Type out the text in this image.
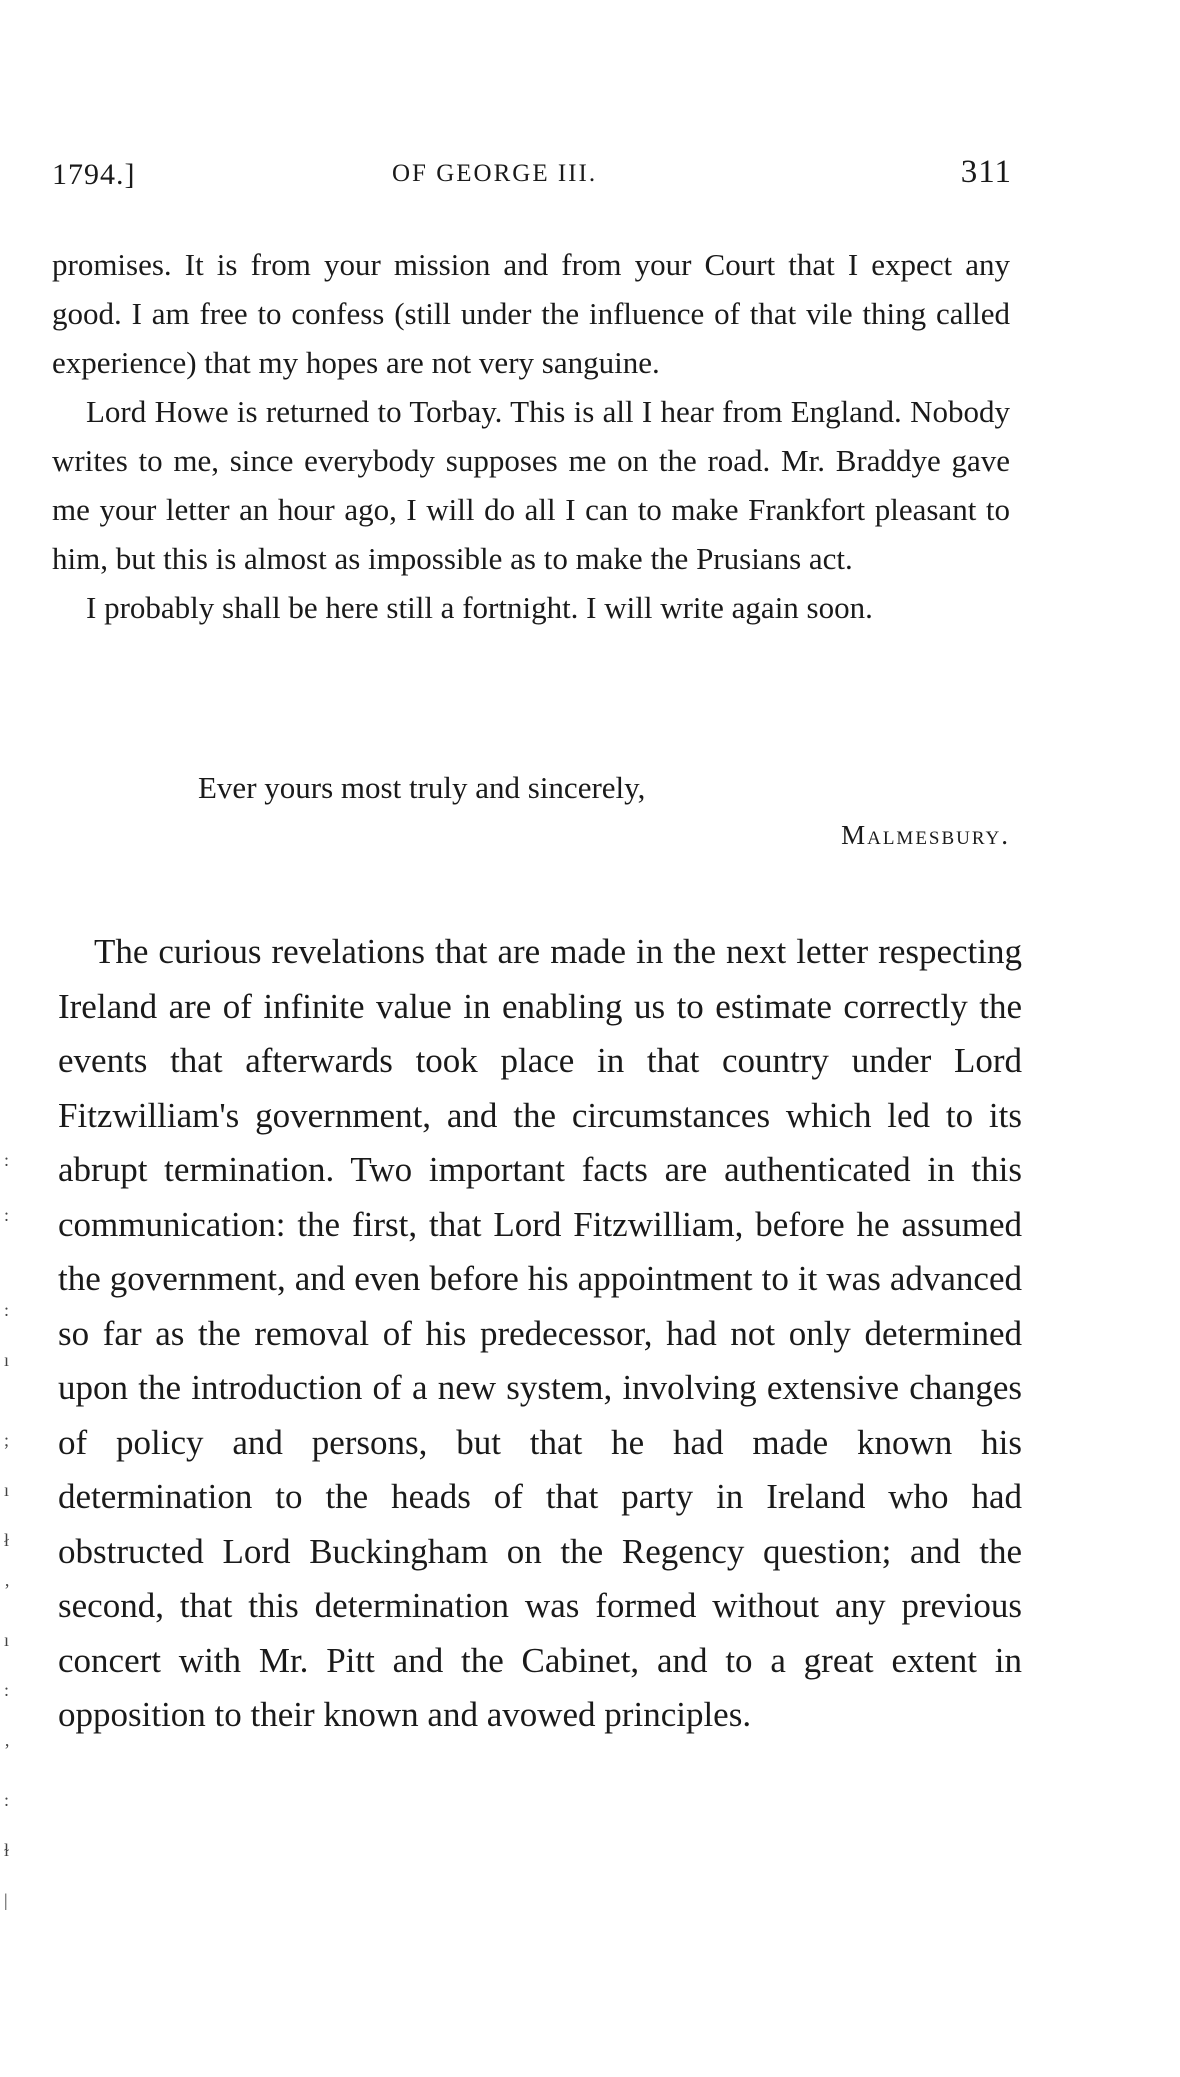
1794.]	OF GEORGE III.	311

promises. It is from your mission and from your Court that I expect any good. I am free to confess (still under the influence of that vile thing called experience) that my hopes are not very sanguine.

Lord Howe is returned to Torbay. This is all I hear from England. Nobody writes to me, since everybody supposes me on the road. Mr. Braddye gave me your letter an hour ago, I will do all I can to make Frankfort pleasant to him, but this is almost as impossible as to make the Prusians act.

I probably shall be here still a fortnight. I will write again soon.

Ever yours most truly and sincerely,
Malmesbury.

The curious revelations that are made in the next letter respecting Ireland are of infinite value in enabling us to estimate correctly the events that afterwards took place in that country under Lord Fitzwilliam's government, and the circumstances which led to its abrupt termination. Two important facts are authenticated in this communication: the first, that Lord Fitzwilliam, before he assumed the government, and even before his appointment to it was advanced so far as the removal of his predecessor, had not only determined upon the introduction of a new system, involving extensive changes of policy and persons, but that he had made known his determination to the heads of that party in Ireland who had obstructed Lord Buckingham on the Regency question; and the second, that this determination was formed without any previous concert with Mr. Pitt and the Cabinet, and to a great extent in opposition to their known and avowed principles.

:
:
:
ı
;
ı
ł
ʼ
ı
:
ʼ
:
ɫ
|
